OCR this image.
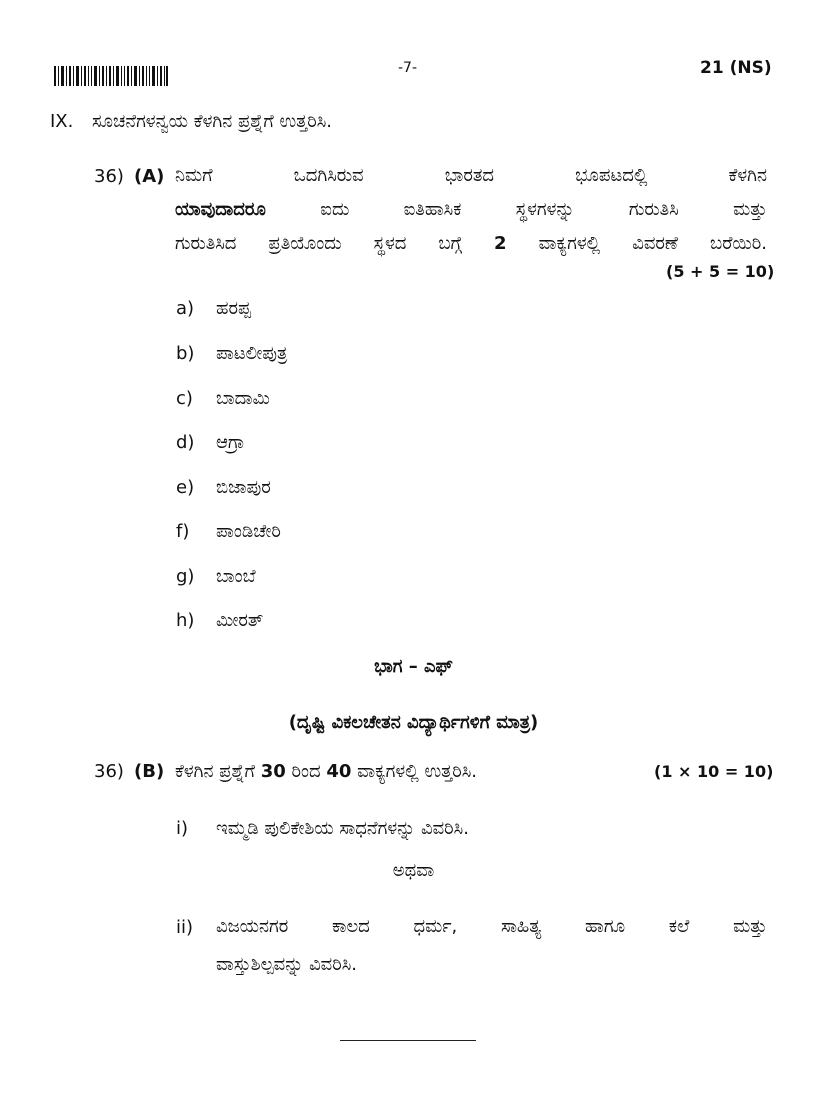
-7-	21 (NS)
IX. ಸೂಚನೆಗಳನ್ವಯ ಕೆಳಗಿನ ಪ್ರಶ್ನೆಗೆ ಉತ್ತರಿಸಿ.
36) (A) ನಿಮಗೆ ಒದಗಿಸಿರುವ ಭಾರತದ ಭೂಪಟದಲ್ಲಿ ಕೆಳಗಿನ
ಯಾವುದಾದರೂ	ಐದು ಐತಿಹಾಸಿಕ ಸ್ಥಳಗಳನ್ನು ಗುರುತಿಸಿ ಮತ್ತು
ಗುರುತಿಸಿದ ಪ್ರತಿಯೊಂದು ಸ್ಥಳದ ಬಗ್ಗೆ 2 ವಾಕ್ಯಗಳಲ್ಲಿ ವಿವರಣೆ ಬರೆಯಿರಿ.
(5 + 5 = 10)
a) ಹರಪ್ಪ
b) ಪಾಟಲೀಪುತ್ರ
c) ಬಾದಾಮಿ
d) ಆಗ್ರಾ
e) ಬಿಜಾಪುರ
f) ಪಾಂಡಿಚೇರಿ
g) ಬಾಂಬೆ
h) ಮೀರತ್
ಭಾಗ – ಎಫ್
(ದೃಷ್ಟಿ ವಿಕಲಚೇತನ ವಿದ್ಯಾರ್ಥಿಗಳಿಗೆ ಮಾತ್ರ)
36) (B) ಕೆಳಗಿನ ಪ್ರಶ್ನೆಗೆ 30 ರಿಂದ 40 ವಾಕ್ಯಗಳಲ್ಲಿ ಉತ್ತರಿಸಿ.	(1 × 10 = 10)
i) ಇಮ್ಮಡಿ ಪುಲಿಕೇಶಿಯ ಸಾಧನೆಗಳನ್ನು ವಿವರಿಸಿ.
ಅಥವಾ
ii) ವಿಜಯನಗರ ಕಾಲದ ಧರ್ಮ, ಸಾಹಿತ್ಯ ಹಾಗೂ ಕಲೆ ಮತ್ತು
ವಾಸ್ತುಶಿಲ್ಪವನ್ನು ವಿವರಿಸಿ.
